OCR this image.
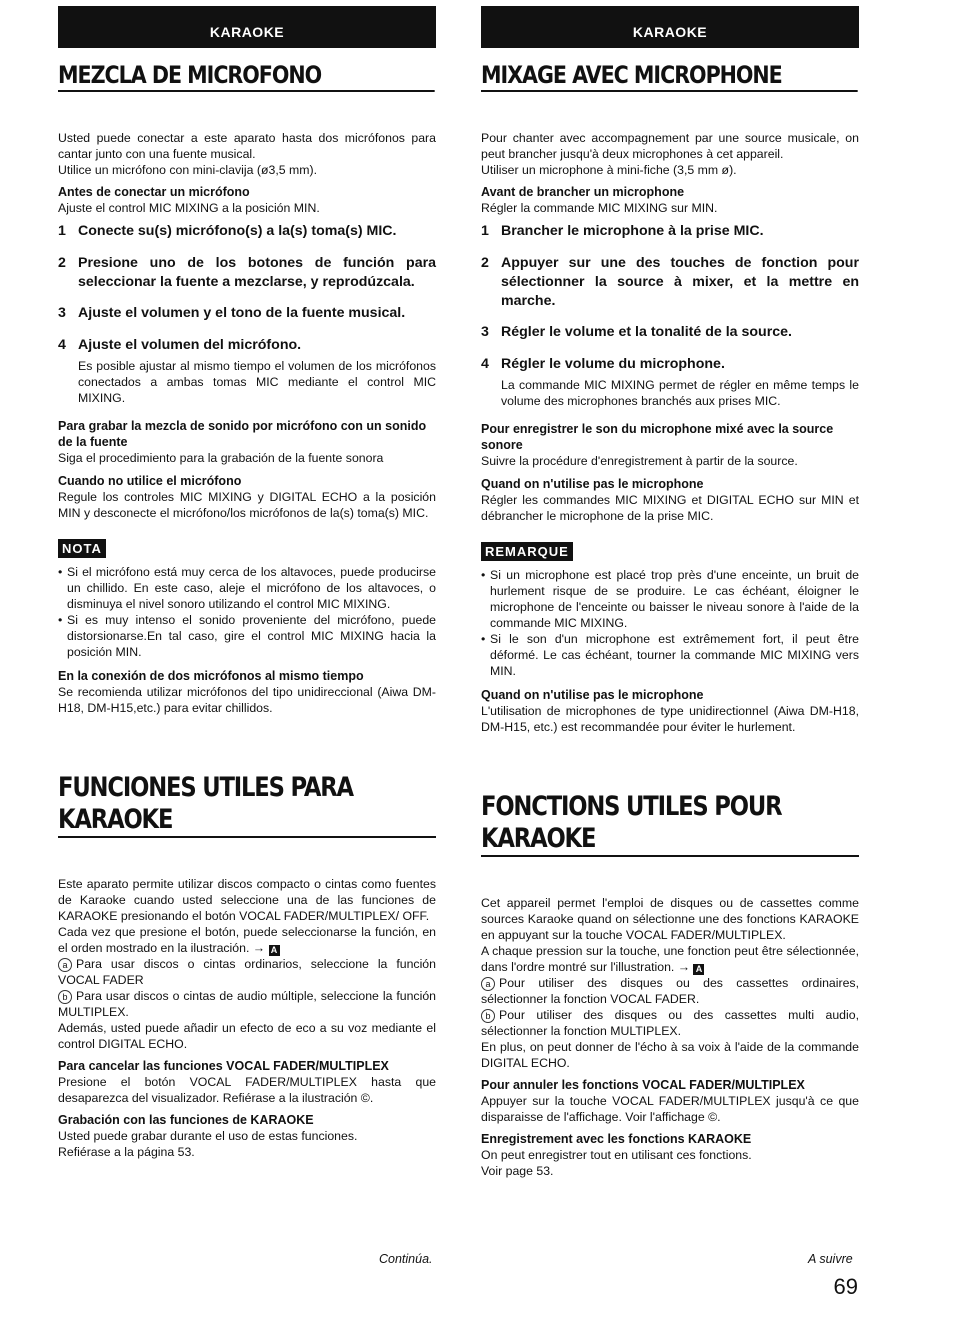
KARAOKE
MEZCLA DE MICROFONO

Usted puede conectar a este aparato hasta dos micrófonos para cantar junto con una fuente musical.

Utilice un micrófono con mini-clavija (ø3,5 mm).

Antes de conectar un micrófono

Ajuste el control MIC MIXING a la posición MIN.

1 Conecte su(s) micrófono(s) a la(s) toma(s) MIC.
2 Presione uno de los botones de función para seleccionar la fuente a mezclarse, y reprodúzcala.
3 Ajuste el volumen y el tono de la fuente musical.
4 Ajuste el volumen del micrófono.

Es posible ajustar al mismo tiempo el volumen de los micrófonos conectados a ambas tomas MIC mediante el control MIC MIXING.

Para grabar la mezcla de sonido por micrófono con un sonido de la fuente

Siga el procedimiento para la grabación de la fuente sonora

Cuando no utilice el micrófono

Regule los controles MIC MIXING y DIGITAL ECHO a la posición MIN y desconecte el micrófono/los micrófonos de la(s) toma(s) MIC.

NOTA
• Si el micrófono está muy cerca de los altavoces, puede producirse un chillido. En este caso, aleje el micrófono de los altavoces, o disminuya el nivel sonoro utilizando el control MIC MIXING.
• Si es muy intenso el sonido proveniente del micrófono, puede distorsionarse.En tal caso, gire el control MIC MIXING hacia la posición MIN.
En la conexión de dos micrófonos al mismo tiempo

Se recomienda utilizar micrófonos del tipo unidireccional (Aiwa DM-H18, DM-H15,etc.) para evitar chillidos.

FUNCIONES UTILES PARA
KARAOKE

Este aparato permite utilizar discos compacto o cintas como fuentes de Karaoke cuando usted seleccione una de las funciones de KARAOKE presionando el botón VOCAL FADER/MULTIPLEX/ OFF.

Cada vez que presione el botón, puede seleccionarse la función, en el orden mostrado en la ilustración. → A

a Para usar discos o cintas ordinarios, seleccione la función VOCAL FADER

b Para usar discos o cintas de audio múltiple, seleccione la función MULTIPLEX.

Además, usted puede añadir un efecto de eco a su voz mediante el control DIGITAL ECHO.

Para cancelar las funciones VOCAL FADER/MULTIPLEX

Presione el botón VOCAL FADER/MULTIPLEX hasta que desaparezca del visualizador. Refiérase a la ilustración ©.

Grabación con las funciones de KARAOKE

Usted puede grabar durante el uso de estas funciones.

Refiérase a la página 53.

KARAOKE
MIXAGE AVEC MICROPHONE

Pour chanter avec accompagnement par une source musicale, on peut brancher jusqu'à deux microphones à cet appareil.

Utiliser un microphone à mini-fiche (3,5 mm ø).

Avant de brancher un microphone

Régler la commande MIC MIXING sur MIN.

1 Brancher le microphone à la prise MIC.
2 Appuyer sur une des touches de fonction pour sélectionner la source à mixer, et la mettre en marche.
3 Régler le volume et la tonalité de la source.
4 Régler le volume du microphone.

La commande MIC MIXING permet de régler en même temps le volume des microphones branchés aux prises MIC.

Pour enregistrer le son du microphone mixé avec la source sonore

Suivre la procédure d'enregistrement à partir de la source.

Quand on n'utilise pas le microphone

Régler les commandes MIC MIXING et DIGITAL ECHO sur MIN et débrancher le microphone de la prise MIC.

REMARQUE
• Si un microphone est placé trop près d'une enceinte, un bruit de hurlement risque de se produire. Le cas échéant, éloigner le microphone de l'enceinte ou baisser le niveau sonore à l'aide de la commande MIC MIXING.
• Si le son d'un microphone est extrêmement fort, il peut être déformé. Le cas échéant, tourner la commande MIC MIXING vers MIN.
Quand on n'utilise pas le microphone

L'utilisation de microphones de type unidirectionnel (Aiwa DM-H18, DM-H15, etc.) est recommandée pour éviter le hurlement.

FONCTIONS UTILES POUR
KARAOKE

Cet appareil permet l'emploi de disques ou de cassettes comme sources Karaoke quand on sélectionne une des fonctions KARAOKE en appuyant sur la touche VOCAL FADER/MULTIPLEX.

A chaque pression sur la touche, une fonction peut être sélectionnée, dans l'ordre montré sur l'illustration. → A

a Pour utiliser des disques ou des cassettes ordinaires, sélectionner la fonction VOCAL FADER.

b Pour utiliser des disques ou des cassettes multi audio, sélectionner la fonction MULTIPLEX.

En plus, on peut donner de l'écho à sa voix à l'aide de la commande DIGITAL ECHO.

Pour annuler les fonctions VOCAL FADER/MULTIPLEX

Appuyer sur la touche VOCAL FADER/MULTIPLEX jusqu'à ce que disparaisse de l'affichage. Voir l'affichage ©.

Enregistrement avec les fonctions KARAOKE

On peut enregistrer tout en utilisant ces fonctions.

Voir page 53.

Continúa.	A suivre
69
